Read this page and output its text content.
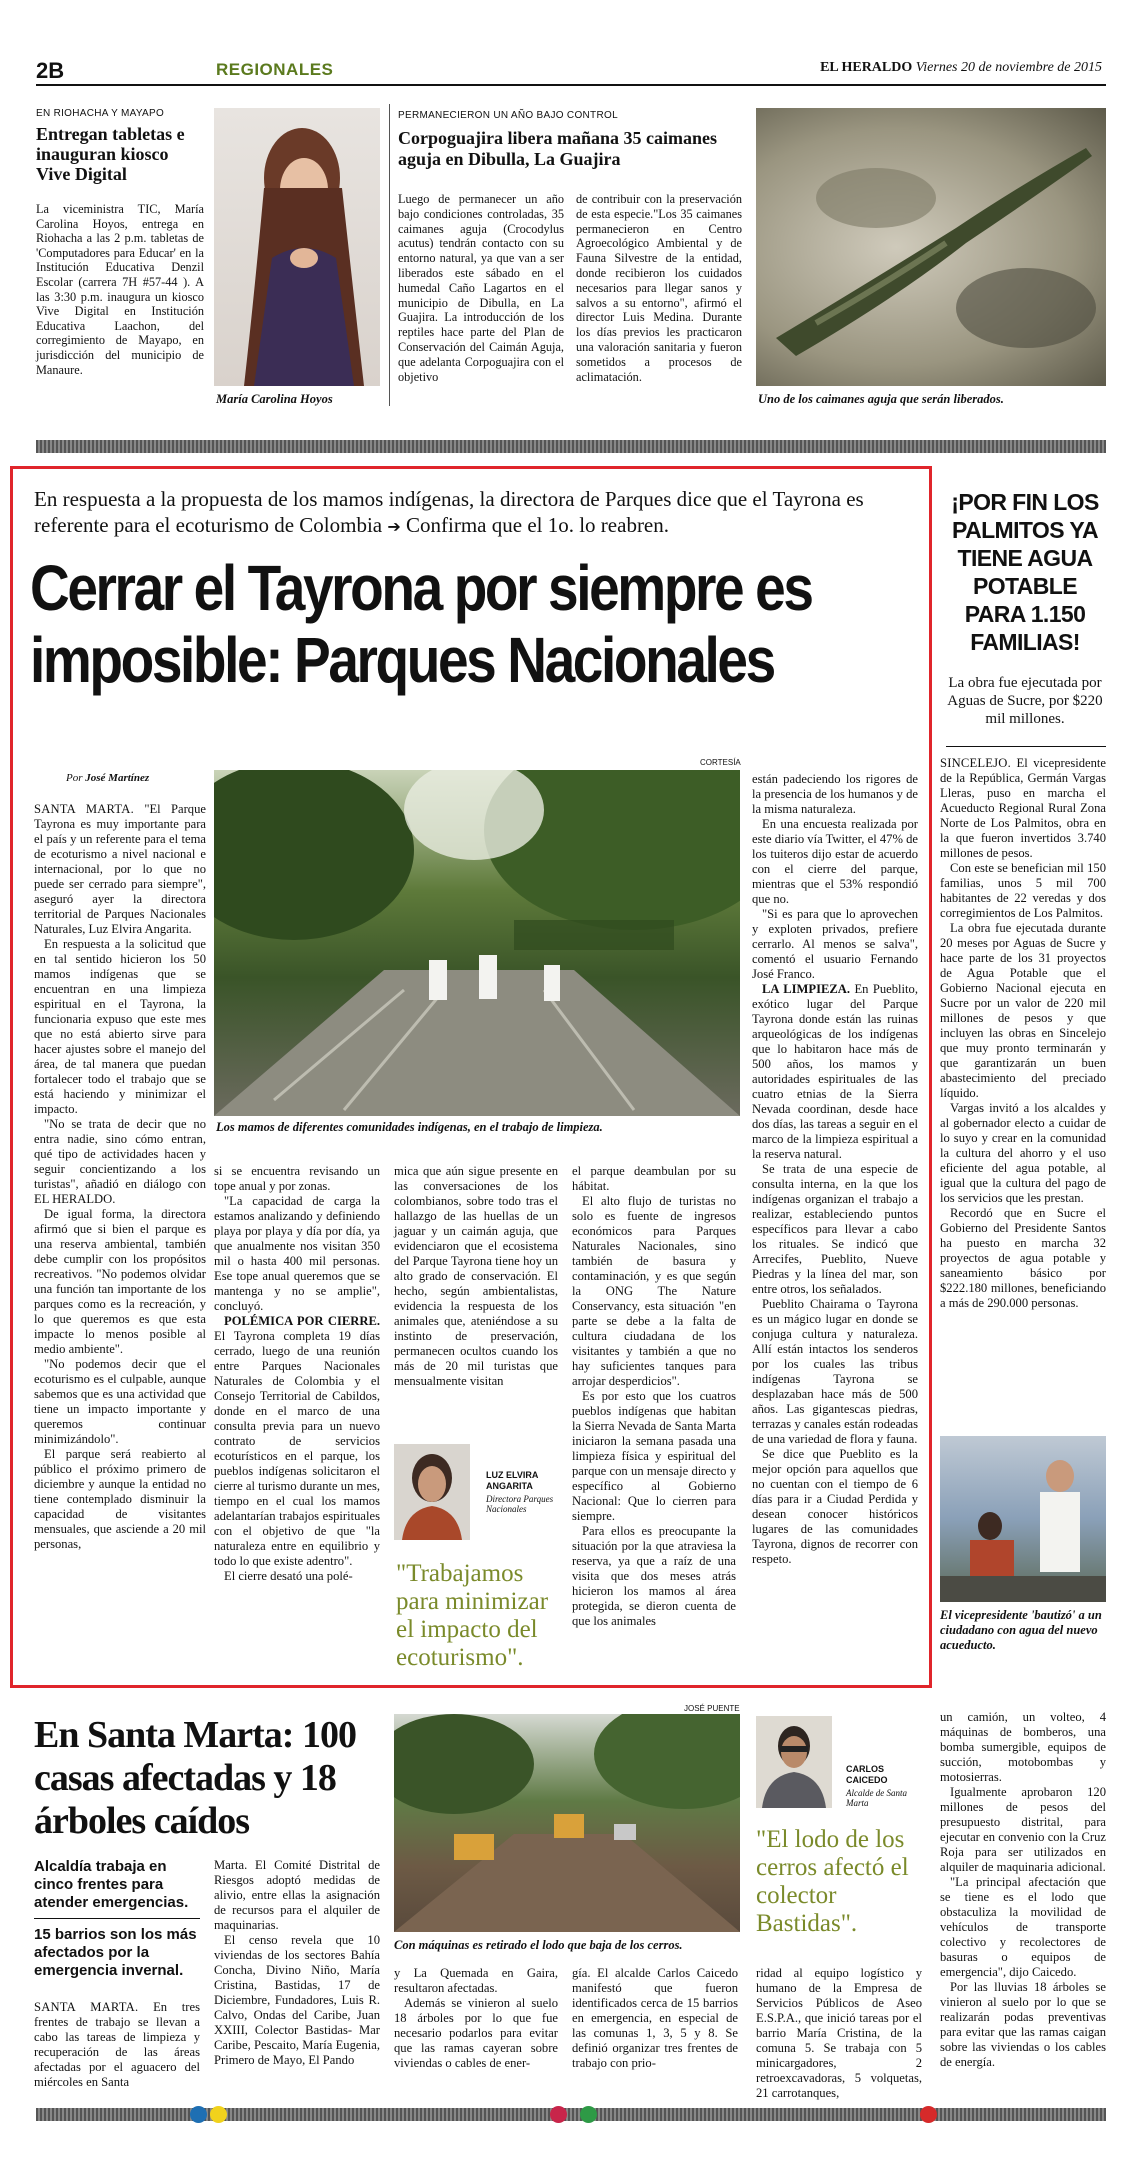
2B	REGIONALES	EL HERALDO Viernes 20 de noviembre de 2015
EN RIOHACHA Y MAYAPO
Entregan tabletas e inauguran kiosco Vive Digital
La viceministra TIC, María Carolina Hoyos, entrega en Riohacha a las 2 p.m. tabletas de 'Computadores para Educar' en la Institución Educativa Denzil Escolar (carrera 7H #57-44 ). A las 3:30 p.m. inaugura un kiosco Vive Digital en Institución Educativa Laachon, del corregimiento de Mayapo, en jurisdicción del municipio de Manaure.
María Carolina Hoyos
PERMANECIERON UN AÑO BAJO CONTROL
Corpoguajira libera mañana 35 caimanes aguja en Dibulla, La Guajira
Luego de permanecer un año bajo condiciones controladas, 35 caimanes aguja (Crocodylus acutus) tendrán contacto con su entorno natural, ya que van a ser liberados este sábado en el humedal Caño Lagartos en el municipio de Dibulla, en La Guajira. La introducción de los reptiles hace parte del Plan de Conservación del Caimán Aguja, que adelanta Corpoguajira con el objetivo
de contribuir con la preservación de esta especie."Los 35 caimanes permanecieron en Centro Agroecológico Ambiental y de Fauna Silvestre de la entidad, donde recibieron los cuidados necesarios para llegar sanos y salvos a su entorno", afirmó el director Luis Medina. Durante los días previos les practicaron una valoración sanitaria y fueron sometidos a procesos de aclimatación.
Uno de los caimanes aguja que serán liberados.
En respuesta a la propuesta de los mamos indígenas, la directora de Parques dice que el Tayrona es referente para el ecoturismo de Colombia ➔ Confirma que el 1o. lo reabren.
Cerrar el Tayrona por siempre es imposible: Parques Nacionales
Por José Martínez
CORTESÍA
Los mamos de diferentes comunidades indígenas, en el trabajo de limpieza.

SANTA MARTA. "El Parque Tayrona es muy importante para el país y un referente para el tema de ecoturismo a nivel nacional e internacional, por lo que no puede ser cerrado para siempre", aseguró ayer la directora territorial de Parques Nacionales Naturales, Luz Elvira Angarita.

En respuesta a la solicitud que en tal sentido hicieron los 50 mamos indígenas que se encuentran en una limpieza espiritual en el Tayrona, la funcionaria expuso que este mes que no está abierto sirve para hacer ajustes sobre el manejo del área, de tal manera que puedan fortalecer todo el trabajo que se está haciendo y minimizar el impacto.

"No se trata de decir que no entra nadie, sino cómo entran, qué tipo de actividades hacen y seguir concientizando a los turistas", añadió en diálogo con EL HERALDO.

De igual forma, la directora afirmó que si bien el parque es una reserva ambiental, también debe cumplir con los propósitos recreativos. "No podemos olvidar una función tan importante de los parques como es la recreación, y lo que queremos es que esta impacte lo menos posible al medio ambiente".

"No podemos decir que el ecoturismo es el culpable, aunque sabemos que es una actividad que tiene un impacto importante y queremos continuar minimizándolo".

El parque será reabierto al público el próximo primero de diciembre y aunque la entidad no tiene contemplado disminuir la capacidad de visitantes mensuales, que asciende a 20 mil personas,

si se encuentra revisando un tope anual y por zonas.

"La capacidad de carga la estamos analizando y definiendo playa por playa y día por día, ya que anualmente nos visitan 350 mil o hasta 400 mil personas. Ese tope anual queremos que se mantenga y no se amplie", concluyó.

POLÉMICA POR CIERRE. El Tayrona completa 19 días cerrado, luego de una reunión entre Parques Nacionales Naturales de Colombia y el Consejo Territorial de Cabildos, donde en el marco de una consulta previa para un nuevo contrato de servicios ecoturísticos en el parque, los pueblos indígenas solicitaron el cierre al turismo durante un mes, tiempo en el cual los mamos adelantarían trabajos espirituales con el objetivo de que "la naturaleza entre en equilibrio y todo lo que existe adentro".

El cierre desató una polé-

mica que aún sigue presente en las conversaciones de los colombianos, sobre todo tras el hallazgo de las huellas de un jaguar y un caimán aguja, que evidenciaron que el ecosistema del Parque Tayrona tiene hoy un alto grado de conservación. El hecho, según ambientalistas, evidencia la respuesta de los animales que, ateniéndose a su instinto de preservación, permanecen ocultos cuando los más de 20 mil turistas que mensualmente visitan

LUZ ELVIRA ANGARITA
Directora Parques Nacionales
"Trabajamos para minimizar el impacto del ecoturismo".

el parque deambulan por su hábitat.

El alto flujo de turistas no solo es fuente de ingresos económicos para Parques Naturales Nacionales, sino también de basura y contaminación, y es que según la ONG The Nature Conservancy, esta situación "en parte se debe a la falta de cultura ciudadana de los visitantes y también a que no hay suficientes tanques para arrojar desperdicios".

Es por esto que los cuatros pueblos indígenas que habitan la Sierra Nevada de Santa Marta iniciaron la semana pasada una limpieza física y espiritual del parque con un mensaje directo y específico al Gobierno Nacional: Que lo cierren para siempre.

Para ellos es preocupante la situación por la que atraviesa la reserva, ya que a raíz de una visita que dos meses atrás hicieron los mamos al área protegida, se dieron cuenta de que los animales

están padeciendo los rigores de la presencia de los humanos y de la misma naturaleza.

En una encuesta realizada por este diario vía Twitter, el 47% de los tuiteros dijo estar de acuerdo con el cierre del parque, mientras que el 53% respondió que no.

"Si es para que lo aprovechen y exploten privados, prefiere cerrarlo. Al menos se salva", comentó el usuario Fernando José Franco.

LA LIMPIEZA. En Pueblito, exótico lugar del Parque Tayrona donde están las ruinas arqueológicas de los indígenas que lo habitaron hace más de 500 años, los mamos y autoridades espirituales de las cuatro etnias de la Sierra Nevada coordinan, desde hace dos días, las tareas a seguir en el marco de la limpieza espiritual a la reserva natural.

Se trata de una especie de consulta interna, en la que los indígenas organizan el trabajo a realizar, estableciendo puntos específicos para llevar a cabo los rituales. Se indicó que Arrecifes, Pueblito, Nueve Piedras y la línea del mar, son entre otros, los señalados.

Pueblito Chairama o Tayrona es un mágico lugar en donde se conjuga cultura y naturaleza. Allí están intactos los senderos por los cuales las tribus indígenas Tayrona se desplazaban hace más de 500 años. Las gigantescas piedras, terrazas y canales están rodeadas de una variedad de flora y fauna.

Se dice que Pueblito es la mejor opción para aquellos que no cuentan con el tiempo de 6 días para ir a Ciudad Perdida y desean conocer históricos lugares de las comunidades Tayrona, dignos de recorrer con respeto.

¡POR FIN LOS PALMITOS YA TIENE AGUA POTABLE PARA 1.150 FAMILIAS!
La obra fue ejecutada por Aguas de Sucre, por $220 mil millones.

SINCELEJO. El vicepresidente de la República, Germán Vargas Lleras, puso en marcha el Acueducto Regional Rural Zona Norte de Los Palmitos, obra en la que fueron invertidos 3.740 millones de pesos.

Con este se benefician mil 150 familias, unos 5 mil 700 habitantes de 22 veredas y dos corregimientos de Los Palmitos.

La obra fue ejecutada durante 20 meses por Aguas de Sucre y hace parte de los 31 proyectos de Agua Potable que el Gobierno Nacional ejecuta en Sucre por un valor de 220 mil millones de pesos y que incluyen las obras en Sincelejo que muy pronto terminarán y que garantizarán un buen abastecimiento del preciado líquido.

Vargas invitó a los alcaldes y al gobernador electo a cuidar de lo suyo y crear en la comunidad la cultura del ahorro y el uso eficiente del agua potable, al igual que la cultura del pago de los servicios que les prestan.

Recordó que en Sucre el Gobierno del Presidente Santos ha puesto en marcha 32 proyectos de agua potable y saneamiento básico por $222.180 millones, beneficiando a más de 290.000 personas.

El vicepresidente 'bautizó' a un ciudadano con agua del nuevo acueducto.
En Santa Marta: 100 casas afectadas y 18 árboles caídos
Alcaldía trabaja en cinco frentes para atender emergencias.
15 barrios son los más afectados por la emergencia invernal.

SANTA MARTA. En tres frentes de trabajo se llevan a cabo las tareas de limpieza y recuperación de las áreas afectadas por el aguacero del miércoles en Santa

Marta. El Comité Distrital de Riesgos adoptó medidas de alivio, entre ellas la asignación de recursos para el alquiler de maquinarias.

El censo revela que 10 viviendas de los sectores Bahía Concha, Divino Niño, María Cristina, Bastidas, 17 de Diciembre, Fundadores, Luis R. Calvo, Ondas del Caribe, Juan XXIII, Colector Bastidas- Mar Caribe, Pescaito, María Eugenia, Primero de Mayo, El Pando

JOSÉ PUENTE
Con máquinas es retirado el lodo que baja de los cerros.

y La Quemada en Gaira, resultaron afectadas.

Además se vinieron al suelo 18 árboles por lo que fue necesario podarlos para evitar que las ramas cayeran sobre viviendas o cables de ener-

gía. El alcalde Carlos Caicedo manifestó que fueron identificados cerca de 15 barrios en emergencia, en especial de las comunas 1, 3, 5 y 8. Se definió organizar tres frentes de trabajo con prio-

CARLOS CAICEDO
Alcalde de Santa Marta
"El lodo de los cerros afectó el colector Bastidas".

ridad al equipo logístico y humano de la Empresa de Servicios Públicos de Aseo E.S.P.A., que inició tareas por el barrio María Cristina, de la comuna 5. Se trabaja con 5 minicargadores, 2 retroexcavadoras, 5 volquetas, 21 carrotanques,

un camión, un volteo, 4 máquinas de bomberos, una bomba sumergible, equipos de succión, motobombas y motosierras.

Igualmente aprobaron 120 millones de pesos del presupuesto distrital, para ejecutar en convenio con la Cruz Roja para ser utilizados en alquiler de maquinaria adicional.

"La principal afectación que se tiene es el lodo que obstaculiza la movilidad de vehículos de transporte colectivo y recolectores de basuras o equipos de emergencia", dijo Caicedo.

Por las lluvias 18 árboles se vinieron al suelo por lo que se realizarán podas preventivas para evitar que las ramas caigan sobre las viviendas o los cables de energía.
